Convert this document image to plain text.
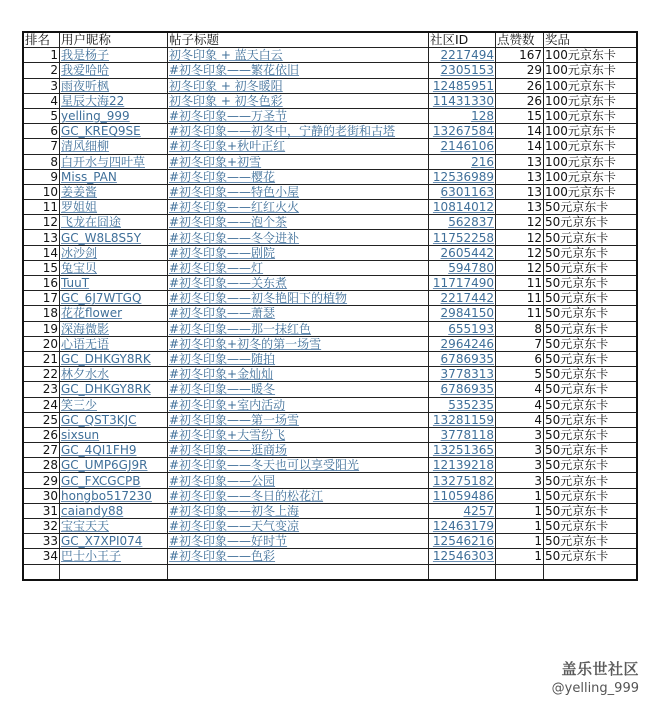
排名	用户昵称	帖子标题	社区ID	点赞数	奖品
1	我是杨子	初冬印象 + 蓝天白云	2217494	167	100元京东卡
2	我爱哈哈	#初冬印象——繁花依旧	2305153	29	100元京东卡
3	雨夜听枫	初冬印象 + 初冬暖阳	12485951	26	100元京东卡
4	星辰大海22	初冬印象 + 初冬色彩	11431330	26	100元京东卡
5	yelling_999	#初冬印象——万圣节	128	15	100元京东卡
6	GC_KREQ9SE	#初冬印象——初冬中，宁静的老街和古塔	13267584	14	100元京东卡
7	清风细柳	#初冬印象+秋叶正红	2146106	14	100元京东卡
8	白开水与四叶草	#初冬印象+初雪	216	13	100元京东卡
9	Miss_PAN	#初冬印象——樱花	12536989	13	100元京东卡
10	姜姜酱	#初冬印象——特色小屋	6301163	13	100元京东卡
11	罗姐姐	#初冬印象——红红火火	10814012	13	50元京东卡
12	飞龙在囧途	#初冬印象——泡个茶	562837	12	50元京东卡
13	GC_W8L8S5Y	#初冬印象——冬令进补	11752258	12	50元京东卡
14	冰沙剑	#初冬印象——剧院	2605442	12	50元京东卡
15	兔宝贝	#初冬印象——灯	594780	12	50元京东卡
16	TuuT	#初冬印象——关东煮	11717490	11	50元京东卡
17	GC_6J7WTGQ	#初冬印象——初冬艳阳下的植物	2217442	11	50元京东卡
18	花花flower	#初冬印象——萧瑟	2984150	11	50元京东卡
19	深海微影	#初冬印象——那一抹红色	655193	8	50元京东卡
20	心语无语	#初冬印象+初冬的第一场雪	2964246	7	50元京东卡
21	GC_DHKGY8RK	#初冬印象——随拍	6786935	6	50元京东卡
22	林夕水水	#初冬印象+金灿灿	3778313	5	50元京东卡
23	GC_DHKGY8RK	#初冬印象——暖冬	6786935	4	50元京东卡
24	笑三少	#初冬印象+室内活动	535235	4	50元京东卡
25	GC_QST3KJC	#初冬印象——第一场雪	13281159	4	50元京东卡
26	sixsun	#初冬印象+大雪纷飞	3778118	3	50元京东卡
27	GC_4QI1FH9	#初冬印象——逛商场	13251365	3	50元京东卡
28	GC_UMP6GJ9R	#初冬印象——冬天也可以享受阳光	12139218	3	50元京东卡
29	GC_FXCGCPB	#初冬印象——公园	13275182	3	50元京东卡
30	hongbo517230	#初冬印象——冬日的松花江	11059486	1	50元京东卡
31	caiandy88	#初冬印象——初冬上海	4257	1	50元京东卡
32	宝宝天天	#初冬印象——天气变凉	12463179	1	50元京东卡
33	GC_X7XPI074	#初冬印象——好时节	12546216	1	50元京东卡
34	巴士小王子	#初冬印象——色彩	12546303	1	50元京东卡

盖乐世社区
@yelling_999
